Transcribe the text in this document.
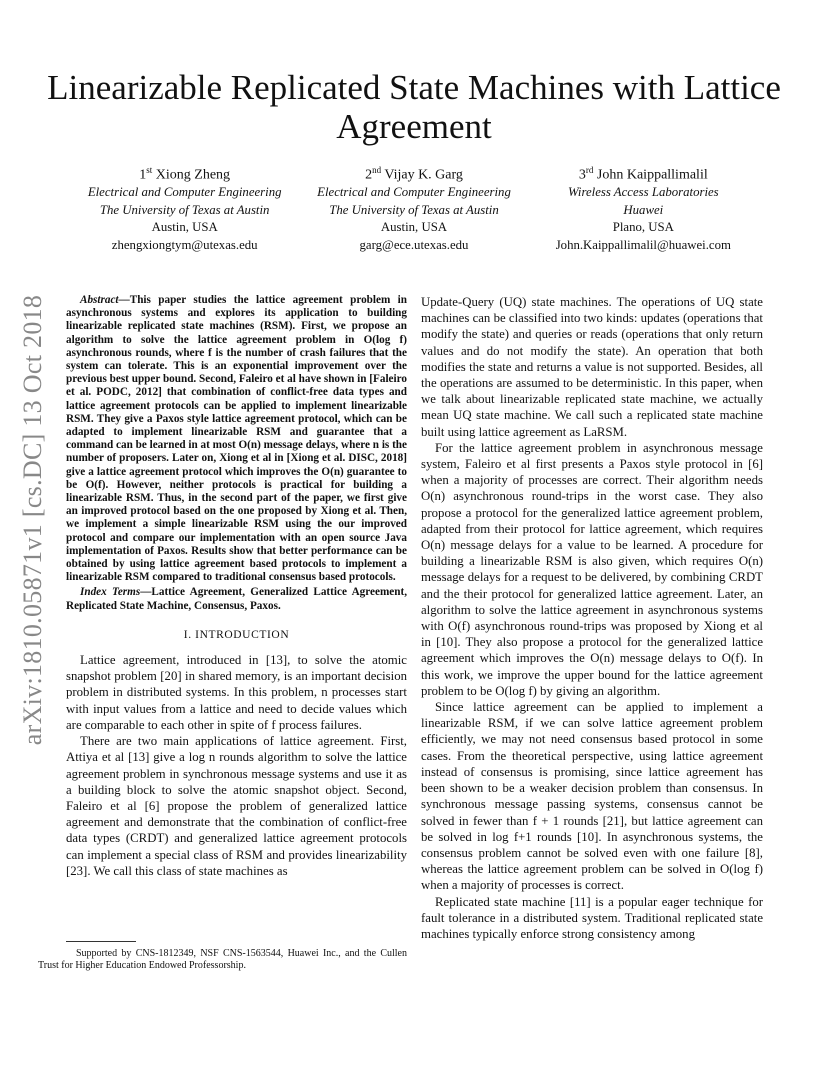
arXiv:1810.05871v1 [cs.DC] 13 Oct 2018
Linearizable Replicated State Machines with Lattice Agreement
1st Xiong Zheng
Electrical and Computer Engineering
The University of Texas at Austin
Austin, USA
zhengxiongtym@utexas.edu
2nd Vijay K. Garg
Electrical and Computer Engineering
The University of Texas at Austin
Austin, USA
garg@ece.utexas.edu
3rd John Kaippallimalil
Wireless Access Laboratories
Huawei
Plano, USA
John.Kaippallimalil@huawei.com

Abstract—This paper studies the lattice agreement problem in asynchronous systems and explores its application to building linearizable replicated state machines (RSM). First, we propose an algorithm to solve the lattice agreement problem in O(log f) asynchronous rounds, where f is the number of crash failures that the system can tolerate. This is an exponential improvement over the previous best upper bound. Second, Faleiro et al have shown in [Faleiro et al. PODC, 2012] that combination of conflict-free data types and lattice agreement protocols can be applied to implement linearizable RSM. They give a Paxos style lattice agreement protocol, which can be adapted to implement linearizable RSM and guarantee that a command can be learned in at most O(n) message delays, where n is the number of proposers. Later on, Xiong et al in [Xiong et al. DISC, 2018] give a lattice agreement protocol which improves the O(n) guarantee to be O(f). However, neither protocols is practical for building a linearizable RSM. Thus, in the second part of the paper, we first give an improved protocol based on the one proposed by Xiong et al. Then, we implement a simple linearizable RSM using the our improved protocol and compare our implementation with an open source Java implementation of Paxos. Results show that better performance can be obtained by using lattice agreement based protocols to implement a linearizable RSM compared to traditional consensus based protocols.

Index Terms—Lattice Agreement, Generalized Lattice Agreement, Replicated State Machine, Consensus, Paxos.

I. INTRODUCTION

Lattice agreement, introduced in [13], to solve the atomic snapshot problem [20] in shared memory, is an important decision problem in distributed systems. In this problem, n processes start with input values from a lattice and need to decide values which are comparable to each other in spite of f process failures.

There are two main applications of lattice agreement. First, Attiya et al [13] give a log n rounds algorithm to solve the lattice agreement problem in synchronous message systems and use it as a building block to solve the atomic snapshot object. Second, Faleiro et al [6] propose the problem of generalized lattice agreement and demonstrate that the combination of conflict-free data types (CRDT) and generalized lattice agreement protocols can implement a special class of RSM and provides linearizability [23]. We call this class of state machines as

Update-Query (UQ) state machines. The operations of UQ state machines can be classified into two kinds: updates (operations that modify the state) and queries or reads (operations that only return values and do not modify the state). An operation that both modifies the state and returns a value is not supported. Besides, all the operations are assumed to be deterministic. In this paper, when we talk about linearizable replicated state machine, we actually mean UQ state machine. We call such a replicated state machine built using lattice agreement as LaRSM.

For the lattice agreement problem in asynchronous message system, Faleiro et al first presents a Paxos style protocol in [6] when a majority of processes are correct. Their algorithm needs O(n) asynchronous round-trips in the worst case. They also propose a protocol for the generalized lattice agreement problem, adapted from their protocol for lattice agreement, which requires O(n) message delays for a value to be learned. A procedure for building a linearizable RSM is also given, which requires O(n) message delays for a request to be delivered, by combining CRDT and the their protocol for generalized lattice agreement. Later, an algorithm to solve the lattice agreement in asynchronous systems with O(f) asynchronous round-trips was proposed by Xiong et al in [10]. They also propose a protocol for the generalized lattice agreement which improves the O(n) message delays to O(f). In this work, we improve the upper bound for the lattice agreement problem to be O(log f) by giving an algorithm.

Since lattice agreement can be applied to implement a linearizable RSM, if we can solve lattice agreement problem efficiently, we may not need consensus based protocol in some cases. From the theoretical perspective, using lattice agreement instead of consensus is promising, since lattice agreement has been shown to be a weaker decision problem than consensus. In synchronous message passing systems, consensus cannot be solved in fewer than f + 1 rounds [21], but lattice agreement can be solved in log f+1 rounds [10]. In asynchronous systems, the consensus problem cannot be solved even with one failure [8], whereas the lattice agreement problem can be solved in O(log f) when a majority of processes is correct.

Replicated state machine [11] is a popular eager technique for fault tolerance in a distributed system. Traditional replicated state machines typically enforce strong consistency among

Supported by CNS-1812349, NSF CNS-1563544, Huawei Inc., and the Cullen Trust for Higher Education Endowed Professorship.
